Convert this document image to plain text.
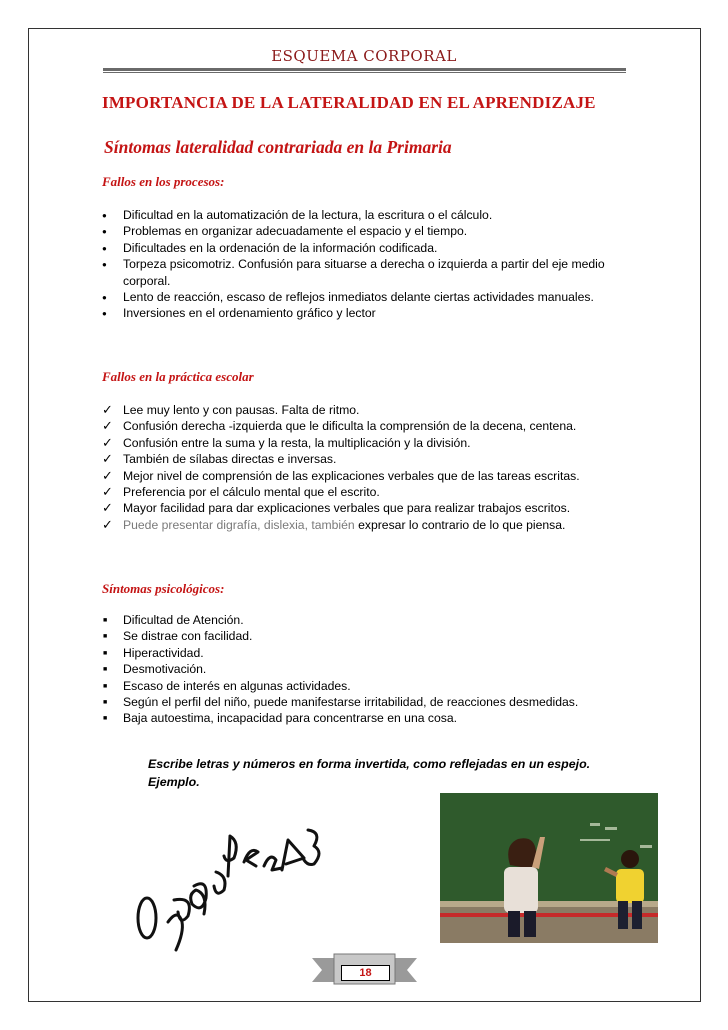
ESQUEMA CORPORAL
IMPORTANCIA DE LA LATERALIDAD EN EL APRENDIZAJE
Síntomas lateralidad contrariada en la Primaria
Fallos en los procesos:
●
Dificultad en la automatización de la lectura, la escritura o el cálculo.
●
Problemas en organizar adecuadamente el espacio y el tiempo.
●
Dificultades en la ordenación de la información codificada.
●
Torpeza psicomotriz. Confusión para situarse a derecha o izquierda a partir del eje medio corporal.
●
Lento de reacción, escaso de reflejos inmediatos delante ciertas actividades manuales.
●
Inversiones en el ordenamiento gráfico y lector
Fallos en la práctica escolar
✓
Lee muy lento y con pausas. Falta de ritmo.
✓
Confusión derecha -izquierda que le dificulta la comprensión de la decena, centena.
✓
Confusión entre la suma y la resta, la multiplicación y la división.
✓
También de sílabas directas e inversas.
✓
Mejor nivel de comprensión de las explicaciones verbales que de las tareas escritas.
✓
Preferencia por el cálculo mental que el escrito.
✓
Mayor facilidad para dar explicaciones verbales que para realizar trabajos escritos.
✓
Puede presentar digrafía, dislexia, también expresar lo contrario de lo que piensa.
Síntomas psicológicos:
■
Dificultad de Atención.
■
Se distrae con facilidad.
■
Hiperactividad.
■
Desmotivación.
■
Escaso de interés en algunas actividades.
■
Según el perfil del niño, puede manifestarse irritabilidad, de reacciones desmedidas.
■
Baja autoestima, incapacidad para concentrarse en una cosa.
Escribe letras y números en forma invertida, como reflejadas en un espejo.
Ejemplo.
18
